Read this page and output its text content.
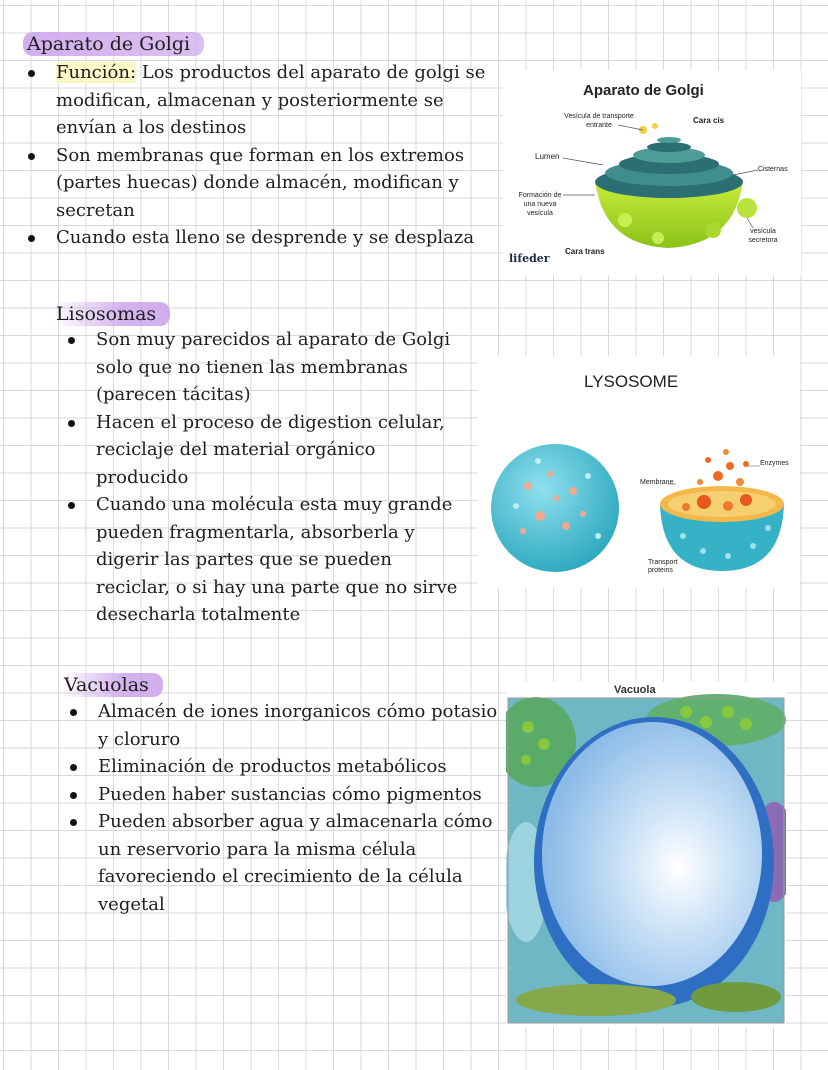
Aparato de Golgi
Función: Los productos del aparato de golgi se modifican, almacenan y posteriormente se envían a los destinos
Son membranas que forman en los extremos (partes huecas) donde almacén, modifican y secretan
Cuando esta lleno se desprende y se desplaza
Aparato de Golgi
Vesícula de transporte entrante
Cara cis
Lumen
Cisternas
Formación de una nueva vesícula
vesícula secretora
Cara trans
lifeder
Lisosomas
Son muy parecidos al aparato de Golgi solo que no tienen las membranas (parecen tácitas)
Hacen el proceso de digestion celular, reciclaje del material orgánico producido
Cuando una molécula esta muy grande pueden fragmentarla, absorberla y digerir las partes que se pueden reciclar, o si hay una parte que no sirve desecharla totalmente
LYSOSOME
Enzymes
Membrane
Transport proteins
Vacuolas
Almacén de iones inorganicos cómo potasio y cloruro
Eliminación de productos metabólicos
Pueden haber sustancias cómo pigmentos
Pueden absorber agua y almacenarla cómo un reservorio para la misma célula favoreciendo el crecimiento de la célula vegetal
Vacuola
